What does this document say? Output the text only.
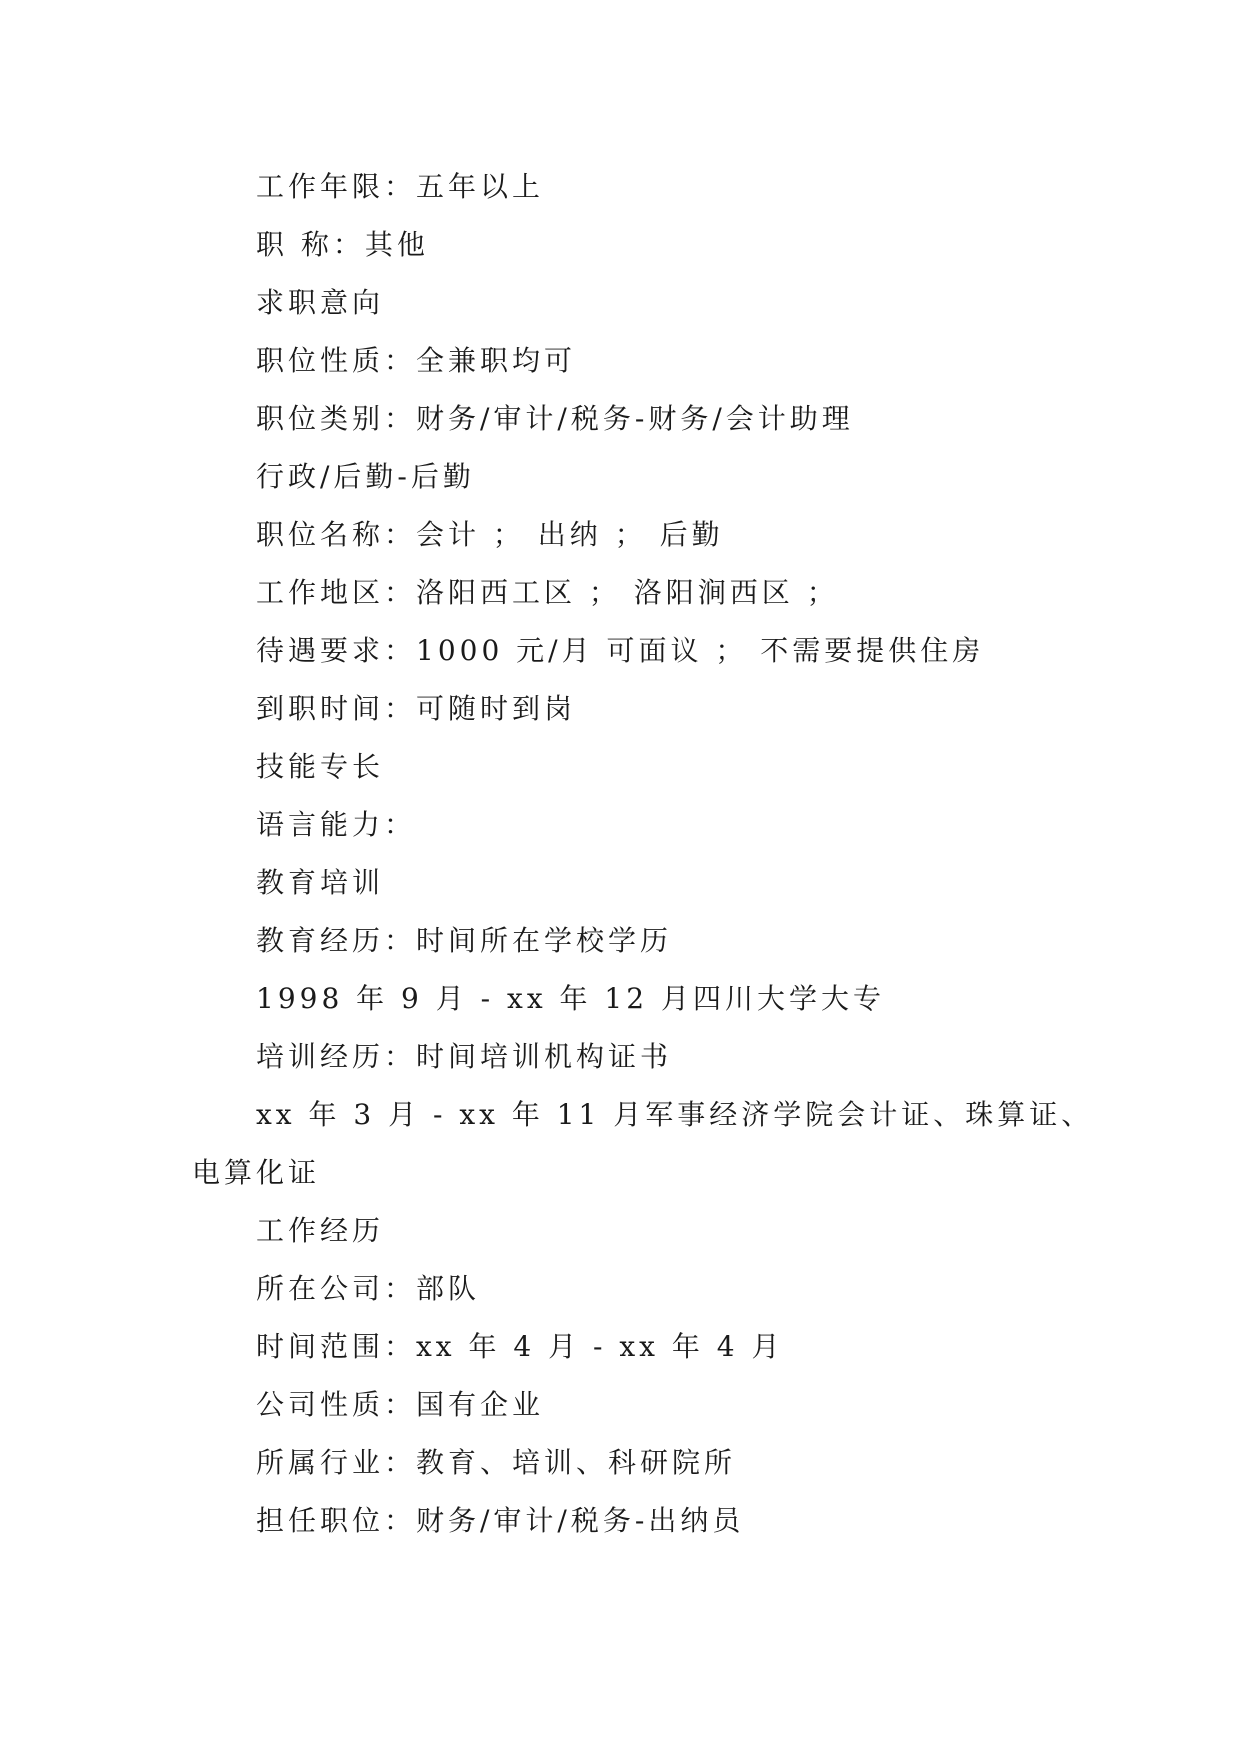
工作年限：五年以上
职 称：其他
求职意向
职位性质：全兼职均可
职位类别：财务/审计/税务-财务/会计助理
行政/后勤-后勤
职位名称：会计 ； 出纳 ； 后勤
工作地区：洛阳西工区 ； 洛阳涧西区 ；
待遇要求：1000 元/月 可面议 ； 不需要提供住房
到职时间：可随时到岗
技能专长
语言能力：
教育培训
教育经历：时间所在学校学历
1998 年 9 月 - xx 年 12 月四川大学大专
培训经历：时间培训机构证书
xx 年 3 月 - xx 年 11 月军事经济学院会计证、珠算证、
电算化证
工作经历
所在公司：部队
时间范围：xx 年 4 月 - xx 年 4 月
公司性质：国有企业
所属行业：教育、培训、科研院所
担任职位：财务/审计/税务-出纳员
